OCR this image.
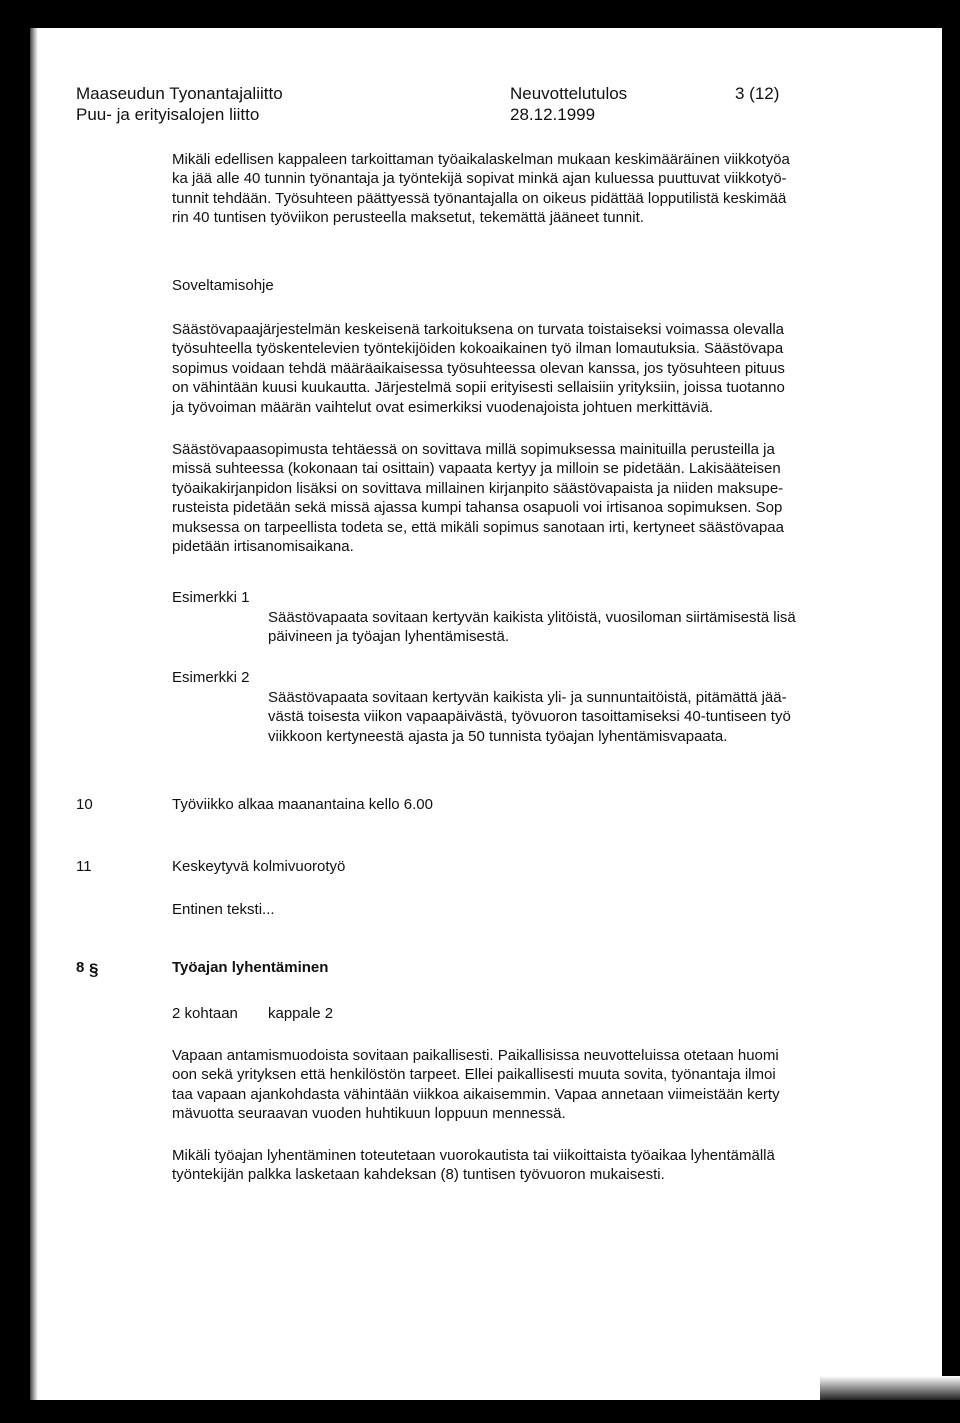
Maaseudun Tyonantajaliitto
Puu- ja erityisalojen liitto
Neuvottelutulos
28.12.1999
3 (12)
Mikäli edellisen kappaleen tarkoittaman työaikalaskelman mukaan keskimääräinen viikkotyöa
ka jää alle 40 tunnin työnantaja ja työntekijä sopivat minkä ajan kuluessa puuttuvat viikkotyö-
tunnit tehdään. Työsuhteen päättyessä työnantajalla on oikeus pidättää lopputilistä keskimää
rin 40 tuntisen työviikon perusteella maksetut, tekemättä jääneet tunnit.
Soveltamisohje
Säästövapaajärjestelmän keskeisenä tarkoituksena on turvata toistaiseksi voimassa olevalla
työsuhteella työskentelevien työntekijöiden kokoaikainen työ ilman lomautuksia. Säästövapa
sopimus voidaan tehdä määräaikaisessa työsuhteessa olevan kanssa, jos työsuhteen pituus
on vähintään kuusi kuukautta. Järjestelmä sopii erityisesti sellaisiin yrityksiin, joissa tuotanno
ja työvoiman määrän vaihtelut ovat esimerkiksi vuodenajoista johtuen merkittäviä.
Säästövapaasopimusta tehtäessä on sovittava millä sopimuksessa mainituilla perusteilla ja
missä suhteessa (kokonaan tai osittain) vapaata kertyy ja milloin se pidetään. Lakisääteisen
työaikakirjanpidon lisäksi on sovittava millainen kirjanpito säästövapaista ja niiden maksupe-
rusteista pidetään sekä missä ajassa kumpi tahansa osapuoli voi irtisanoa sopimuksen. Sop
muksessa on tarpeellista todeta se, että mikäli sopimus sanotaan irti, kertyneet säästövapaa
pidetään irtisanomisaikana.
Esimerkki 1
Säästövapaata sovitaan kertyvän kaikista ylitöistä, vuosiloman siirtämisestä lisä
päivineen ja työajan lyhentämisestä.
Esimerkki 2
Säästövapaata sovitaan kertyvän kaikista yli- ja sunnuntaitöistä, pitämättä jää-
västä toisesta viikon vapaapäivästä, työvuoron tasoittamiseksi 40-tuntiseen työ
viikkoon kertyneestä ajasta ja 50 tunnista työajan lyhentämisvapaata.
10	Työviikko alkaa maanantaina kello 6.00
11	Keskeytyvä kolmivuorotyö
Entinen teksti...
8 §	Työajan lyhentäminen
2 kohtaan kappale 2
Vapaan antamismuodoista sovitaan paikallisesti. Paikallisissa neuvotteluissa otetaan huomi
oon sekä yrityksen että henkilöstön tarpeet. Ellei paikallisesti muuta sovita, työnantaja ilmoi
taa vapaan ajankohdasta vähintään viikkoa aikaisemmin. Vapaa annetaan viimeistään kerty
mävuotta seuraavan vuoden huhtikuun loppuun mennessä.
Mikäli työajan lyhentäminen toteutetaan vuorokautista tai viikoittaista työaikaa lyhentämällä
työntekijän palkka lasketaan kahdeksan (8) tuntisen työvuoron mukaisesti.
